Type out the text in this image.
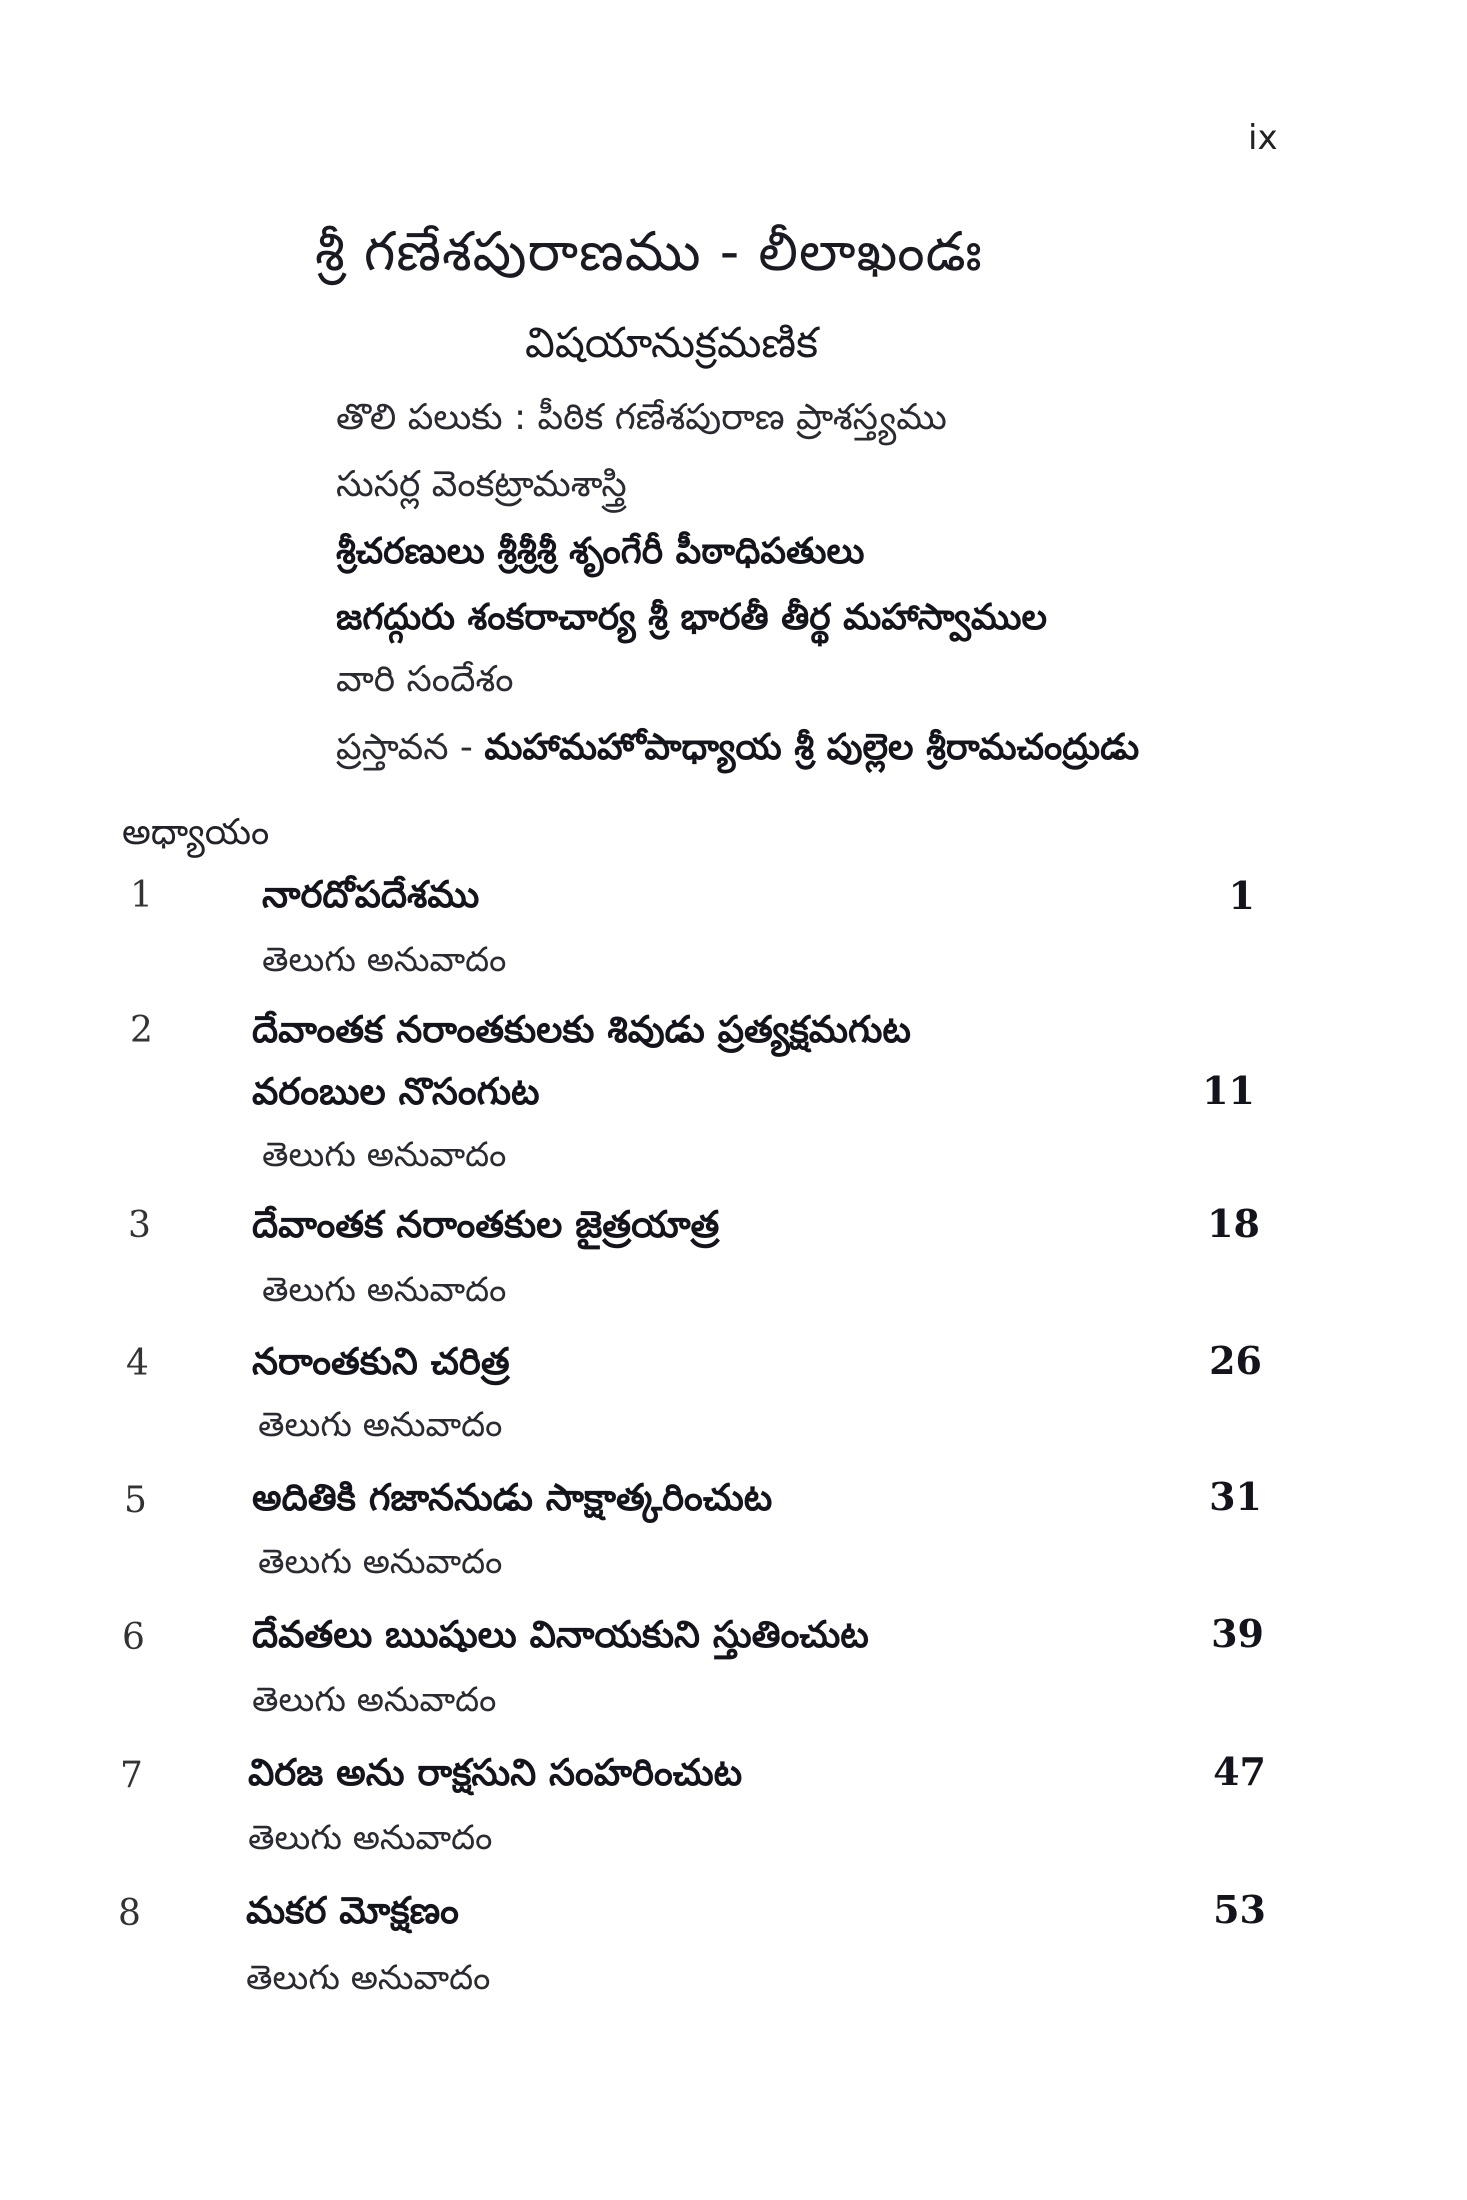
ix
శ్రీ గణేశపురాణము - లీలాఖండః
విషయానుక్రమణిక
తొలి పలుకు : పీఠిక గణేశపురాణ ప్రాశస్త్యము
సుసర్ల వెంకట్రామశాస్త్రి
శ్రీచరణులు శ్రీశ్రీశ్రీ శృంగేరీ పీఠాధిపతులు
జగద్గురు శంకరాచార్య శ్రీ భారతీ తీర్థ మహాస్వాముల
వారి సందేశం
ప్రస్తావన - మహామహోపాధ్యాయ శ్రీ పుల్లెల శ్రీరామచంద్రుడు
అధ్యాయం
1	నారదోపదేశము	1
తెలుగు అనువాదం
2	దేవాంతక నరాంతకులకు శివుడు ప్రత్యక్షమగుట
వరంబుల నొసంగుట	11
తెలుగు అనువాదం
3	దేవాంతక నరాంతకుల జైత్రయాత్ర	18
తెలుగు అనువాదం
4	నరాంతకుని చరిత్ర	26
తెలుగు అనువాదం
5	అదితికి గజాననుడు సాక్షాత్కరించుట	31
తెలుగు అనువాదం
6	దేవతలు ఋషులు వినాయకుని స్తుతించుట	39
తెలుగు అనువాదం
7	విరజ అను రాక్షసుని సంహరించుట	47
తెలుగు అనువాదం
8	మకర మోక్షణం	53
తెలుగు అనువాదం
